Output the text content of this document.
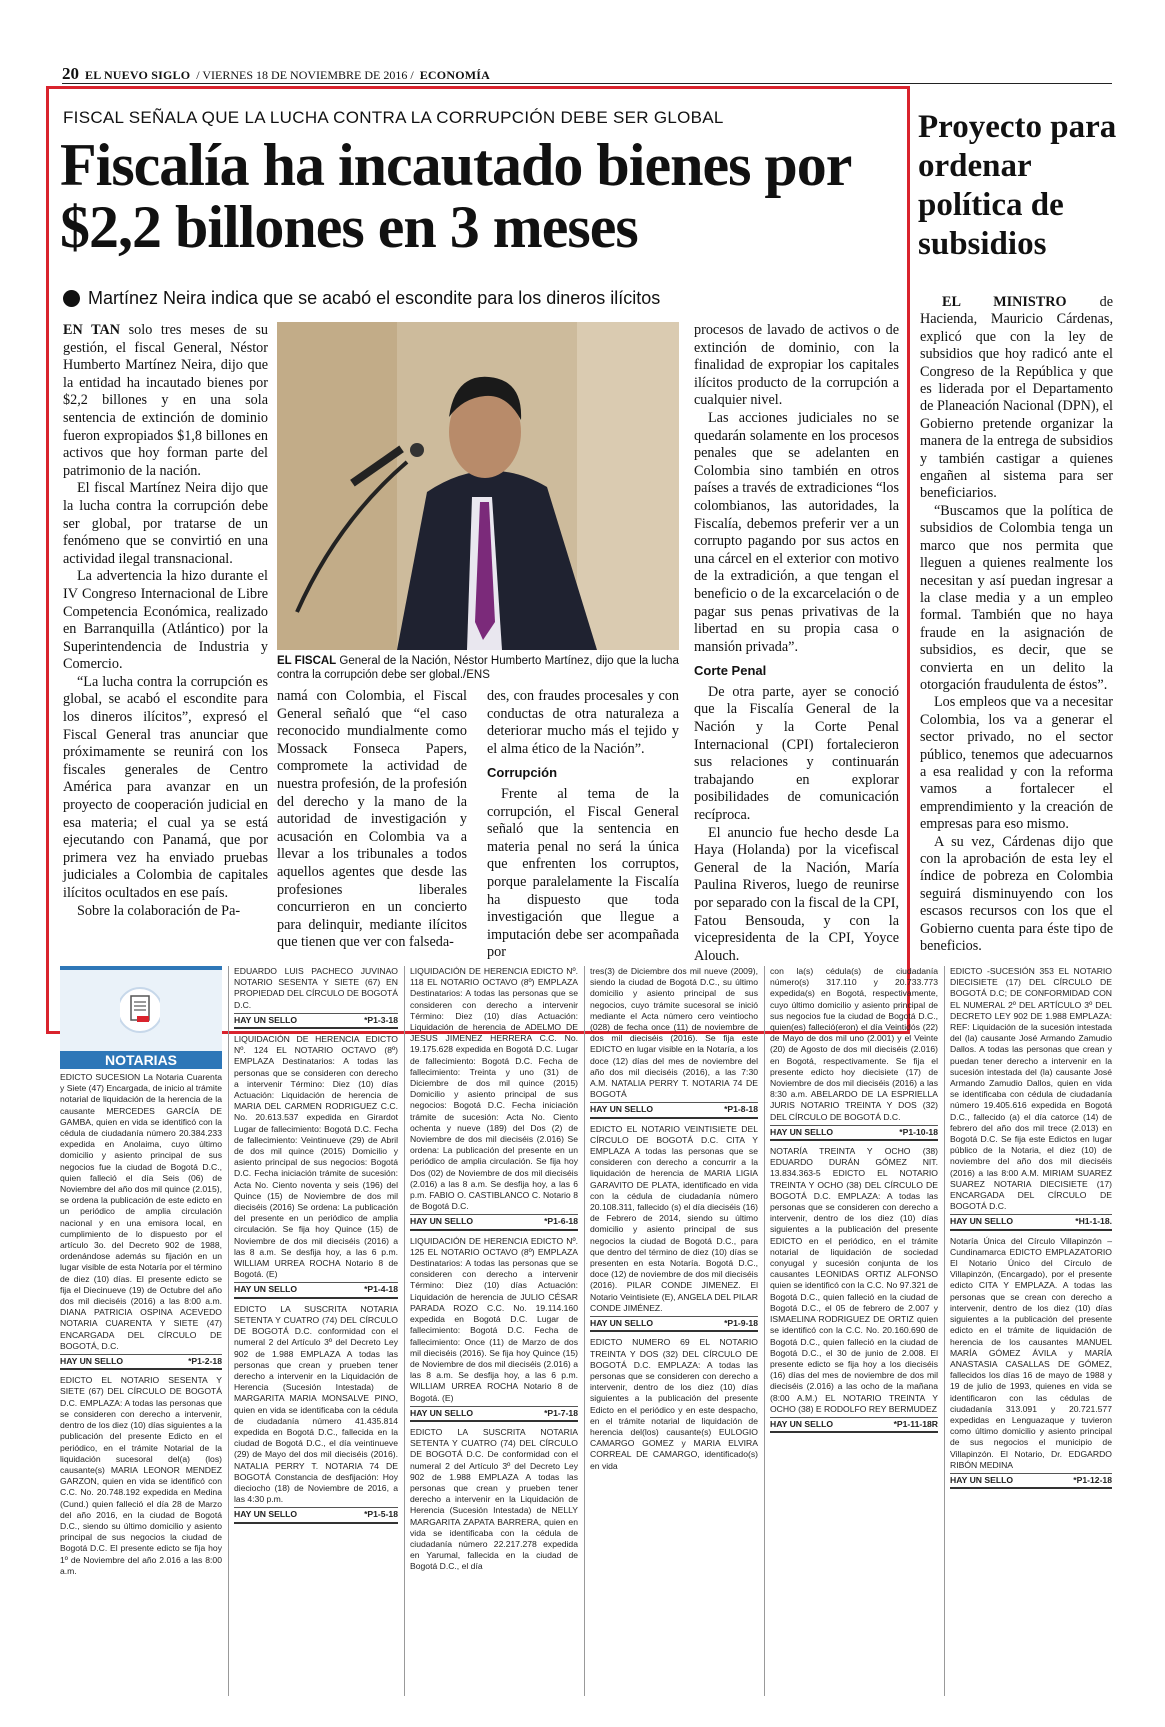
20 EL NUEVO SIGLO / VIERNES 18 DE NOVIEMBRE DE 2016 / ECONOMÍA
FISCAL SEÑALA QUE LA LUCHA CONTRA LA CORRUPCIÓN DEBE SER GLOBAL
Fiscalía ha incautado bienes por $2,2 billones en 3 meses
Martínez Neira indica que se acabó el escondite para los dineros ilícitos

EN TAN solo tres meses de su gestión, el fiscal General, Néstor Humberto Martínez Neira, dijo que la entidad ha incautado bienes por $2,2 billones y en una sola sentencia de extinción de dominio fueron expropiados $1,8 billones en activos que hoy forman parte del patrimonio de la nación.

El fiscal Martínez Neira dijo que la lucha contra la corrupción debe ser global, por tratarse de un fenómeno que se convirtió en una actividad ilegal transnacional.

La advertencia la hizo durante el IV Congreso Internacional de Libre Competencia Económica, realizado en Barranquilla (Atlántico) por la Superintendencia de Industria y Comercio.

“La lucha contra la corrupción es global, se acabó el escondite para los dineros ilícitos”, expresó el Fiscal General tras anunciar que próximamente se reunirá con los fiscales generales de Centro América para avanzar en un proyecto de cooperación judicial en esa materia; el cual ya se está ejecutando con Panamá, que por primera vez ha enviado pruebas judiciales a Colombia de capitales ilícitos ocultados en ese país.

Sobre la colaboración de Pa-

EL FISCAL General de la Nación, Néstor Humberto Martínez, dijo que la lucha contra la corrupción debe ser global./ENS

namá con Colombia, el Fiscal General señaló que “el caso reconocido mundialmente como Mossack Fonseca Papers, compromete la actividad de nuestra profesión, de la profesión del derecho y la mano de la autoridad de investigación y acusación en Colombia va a llevar a los tribunales a todos aquellos agentes que desde las profesiones liberales concurrieron en un concierto para delinquir, mediante ilícitos que tienen que ver con falseda-

des, con fraudes procesales y con conductas de otra naturaleza a deteriorar mucho más el tejido y el alma ético de la Nación”.

Corrupción

Frente al tema de la corrupción, el Fiscal General señaló que la sentencia en materia penal no será la única que enfrenten los corruptos, porque paralelamente la Fiscalía ha dispuesto que toda investigación que llegue a imputación debe ser acompañada por

procesos de lavado de activos o de extinción de dominio, con la finalidad de expropiar los capitales ilícitos producto de la corrupción a cualquier nivel.

Las acciones judiciales no se quedarán solamente en los procesos penales que se adelanten en Colombia sino también en otros países a través de extradiciones “los colombianos, las autoridades, la Fiscalía, debemos preferir ver a un corrupto pagando por sus actos en una cárcel en el exterior con motivo de la extradición, a que tengan el beneficio o de la excarcelación o de pagar sus penas privativas de la libertad en su propia casa o mansión privada”.

Corte Penal

De otra parte, ayer se conoció que la Fiscalía General de la Nación y la Corte Penal Internacional (CPI) fortalecieron sus relaciones y continuarán trabajando en explorar posibilidades de comunicación recíproca.

El anuncio fue hecho desde La Haya (Holanda) por la vicefiscal General de la Nación, María Paulina Riveros, luego de reunirse por separado con la fiscal de la CPI, Fatou Bensouda, y con la vicepresidenta de la CPI, Yoyce Alouch.

Proyecto para ordenar política de subsidios

EL MINISTRO de Hacienda, Mauricio Cárdenas, explicó que con la ley de subsidios que hoy radicó ante el Congreso de la República y que es liderada por el Departamento de Planeación Nacional (DPN), el Gobierno pretende organizar la manera de la entrega de subsidios y también castigar a quienes engañen al sistema para ser beneficiarios.

“Buscamos que la política de subsidios de Colombia tenga un marco que nos permita que lleguen a quienes realmente los necesitan y así puedan ingresar a la clase media y a un empleo formal. También que no haya fraude en la asignación de subsidios, es decir, que se convierta en un delito la otorgación fraudulenta de éstos”.

Los empleos que va a necesitar Colombia, los va a generar el sector privado, no el sector público, tenemos que adecuarnos a esa realidad y con la reforma vamos a fortalecer el emprendimiento y la creación de empresas para eso mismo.

A su vez, Cárdenas dijo que con la aprobación de esta ley el índice de pobreza en Colombia seguirá disminuyendo con los escasos recursos con los que el Gobierno cuenta para éste tipo de beneficios.

NOTARIAS
EDICTO SUCESION La Notaria Cuarenta y Siete (47) Encargada, de inicio al trámite notarial de liquidación de la herencia de la causante MERCEDES GARCÍA DE GAMBA, quien en vida se identificó con la cédula de ciudadanía número 20.384.233 expedida en Anolaima, cuyo último domicilio y asiento principal de sus negocios fue la ciudad de Bogotá D.C., quien falleció el día Seis (06) de Noviembre del año dos mil quince (2.015), se ordena la publicación de este edicto en un periódico de amplia circulación nacional y en una emisora local, en cumplimiento de lo dispuesto por el artículo 3o. del Decreto 902 de 1988, ordenándose además su fijación en un lugar visible de esta Notaría por el término de diez (10) días. El presente edicto se fija el Diecinueve (19) de Octubre del año dos mil dieciséis (2016) a las 8:00 a.m. DIANA PATRICIA OSPINA ACEVEDO NOTARIA CUARENTA Y SIETE (47) ENCARGADA DEL CÍRCULO DE BOGOTÁ, D.C.
HAY UN SELLO	*P1-2-18
EDICTO EL NOTARIO SESENTA Y SIETE (67) DEL CÍRCULO DE BOGOTÁ D.C. EMPLAZA: A todas las personas que se consideren con derecho a intervenir, dentro de los diez (10) días siguientes a la publicación del presente Edicto en el periódico, en el trámite Notarial de la liquidación sucesoral del(a) (los) causante(s) MARIA LEONOR MENDEZ GARZON, quien en vida se identificó con C.C. No. 20.748.192 expedida en Medina (Cund.) quien falleció el día 28 de Marzo del año 2016, en la ciudad de Bogotá D.C., siendo su último domicilio y asiento principal de sus negocios la ciudad de Bogotá D.C. El presente edicto se fija hoy 1º de Noviembre del año 2.016 a las 8:00 a.m.
EDUARDO LUIS PACHECO JUVINAO NOTARIO SESENTA Y SIETE (67) EN PROPIEDAD DEL CÍRCULO DE BOGOTÁ D.C.
HAY UN SELLO	*P1-3-18
LIQUIDACIÓN DE HERENCIA EDICTO Nº. 124 EL NOTARIO OCTAVO (8º) EMPLAZA Destinatarios: A todas las personas que se consideren con derecho a intervenir Término: Diez (10) días Actuación: Liquidación de herencia de MARIA DEL CARMEN RODRIGUEZ C.C. No. 20.613.537 expedida en Girardot Lugar de fallecimiento: Bogotá D.C. Fecha de fallecimiento: Veintinueve (29) de Abril de dos mil quince (2015) Domicilio y asiento principal de sus negocios: Bogotá D.C. Fecha iniciación trámite de sucesión: Acta No. Ciento noventa y seis (196) del Quince (15) de Noviembre de dos mil dieciséis (2016) Se ordena: La publicación del presente en un periódico de amplia circulación. Se fija hoy Quince (15) de Noviembre de dos mil dieciséis (2016) a las 8 a.m. Se desfija hoy, a las 6 p.m. WILLIAM URREA ROCHA Notario 8 de Bogotá. (E)
HAY UN SELLO	*P1-4-18
EDICTO LA SUSCRITA NOTARIA SETENTA Y CUATRO (74) DEL CÍRCULO DE BOGOTÁ D.C. conformidad con el numeral 2 del Artículo 3º del Decreto Ley 902 de 1.988 EMPLAZA A todas las personas que crean y prueben tener derecho a intervenir en la Liquidación de Herencia (Sucesión Intestada) de MARGARITA MARIA MONSALVE PINO, quien en vida se identificaba con la cédula de ciudadanía número 41.435.814 expedida en Bogotá D.C., fallecida en la ciudad de Bogotá D.C., el día veintinueve (29) de Mayo del dos mil dieciséis (2016). NATALIA PERRY T. NOTARIA 74 DE BOGOTÁ Constancia de desfijación: Hoy dieciocho (18) de Noviembre de 2016, a las 4:30 p.m.
HAY UN SELLO	*P1-5-18
LIQUIDACIÓN DE HERENCIA EDICTO Nº. 118 EL NOTARIO OCTAVO (8º) EMPLAZA Destinatarios: A todas las personas que se consideren con derecho a intervenir Término: Diez (10) días Actuación: Liquidación de herencia de ADELMO DE JESUS JIMENEZ HERRERA C.C. No. 19.175.628 expedida en Bogotá D.C. Lugar de fallecimiento: Bogotá D.C. Fecha de fallecimiento: Treinta y uno (31) de Diciembre de dos mil quince (2015) Domicilio y asiento principal de sus negocios: Bogotá D.C. Fecha iniciación trámite de sucesión: Acta No. Ciento ochenta y nueve (189) del Dos (2) de Noviembre de dos mil dieciséis (2.016) Se ordena: La publicación del presente en un periódico de amplia circulación. Se fija hoy Dos (02) de Noviembre de dos mil dieciséis (2.016) a las 8 a.m. Se desfija hoy, a las 6 p.m. FABIO O. CASTIBLANCO C. Notario 8 de Bogotá D.C.
HAY UN SELLO	*P1-6-18
LIQUIDACIÓN DE HERENCIA EDICTO Nº. 125 EL NOTARIO OCTAVO (8º) EMPLAZA Destinatarios: A todas las personas que se consideren con derecho a intervenir Término: Diez (10) días Actuación: Liquidación de herencia de JULIO CÉSAR PARADA ROZO C.C. No. 19.114.160 expedida en Bogotá D.C. Lugar de fallecimiento: Bogotá D.C. Fecha de fallecimiento: Once (11) de Marzo de dos mil dieciséis (2016). Se fija hoy Quince (15) de Noviembre de dos mil dieciséis (2.016) a las 8 a.m. Se desfija hoy, a las 6 p.m. WILLIAM URREA ROCHA Notario 8 de Bogotá. (E)
HAY UN SELLO	*P1-7-18
EDICTO LA SUSCRITA NOTARIA SETENTA Y CUATRO (74) DEL CÍRCULO DE BOGOTÁ D.C. De conformidad con el numeral 2 del Artículo 3º del Decreto Ley 902 de 1.988 EMPLAZA A todas las personas que crean y prueben tener derecho a intervenir en la Liquidación de Herencia (Sucesión Intestada) de NELLY MARGARITA ZAPATA BARRERA, quien en vida se identificaba con la cédula de ciudadanía número 22.217.278 expedida en Yarumal, fallecida en la ciudad de Bogotá D.C., el día
tres(3) de Diciembre dos mil nueve (2009), siendo la ciudad de Bogotá D.C., su último domicilio y asiento principal de sus negocios, cuyo trámite sucesoral se inició mediante el Acta número cero veintiocho (028) de fecha once (11) de noviembre de dos mil dieciséis (2016). Se fija este EDICTO en lugar visible en la Notaría, a los doce (12) días del mes de noviembre del año dos mil dieciséis (2016), a las 7:30 A.M. NATALIA PERRY T. NOTARIA 74 DE BOGOTÁ
HAY UN SELLO	*P1-8-18
EDICTO EL NOTARIO VEINTISIETE DEL CÍRCULO DE BOGOTÁ D.C. CITA Y EMPLAZA A todas las personas que se consideren con derecho a concurrir a la liquidación de herencia de MARIA LIGIA GARAVITO DE PLATA, identificado en vida con la cédula de ciudadanía número 20.108.311, fallecido (s) el día dieciséis (16) de Febrero de 2014, siendo su último domicilio y asiento principal de sus negocios la ciudad de Bogotá D.C., para que dentro del término de diez (10) días se presenten en esta Notaría. Bogotá D.C., doce (12) de noviembre de dos mil dieciséis (2016). PILAR CONDE JIMENEZ. El Notario Veintisiete (E), ANGELA DEL PILAR CONDE JIMÉNEZ.
HAY UN SELLO	*P1-9-18
EDICTO NUMERO 69 EL NOTARIO TREINTA Y DOS (32) DEL CÍRCULO DE BOGOTÁ D.C. EMPLAZA: A todas las personas que se consideren con derecho a intervenir, dentro de los diez (10) días siguientes a la publicación del presente Edicto en el periódico y en este despacho, en el trámite notarial de liquidación de herencia del(los) causante(s) EULOGIO CAMARGO GOMEZ y MARIA ELVIRA CORREAL DE CAMARGO, identificado(s) en vida
con la(s) cédula(s) de ciudadanía número(s) 317.110 y 20.733.773 expedida(s) en Bogotá, respectivamente, cuyo último domicilio y asiento principal de sus negocios fue la ciudad de Bogotá D.C., quien(es) falleció(eron) el día Veintidós (22) de Mayo de dos mil uno (2.001) y el Veinte (20) de Agosto de dos mil dieciséis (2.016) en Bogotá, respectivamente. Se fija el presente edicto hoy diecisiete (17) de Noviembre de dos mil dieciséis (2016) a las 8:30 a.m. ABELARDO DE LA ESPRIELLA JURIS NOTARIO TREINTA Y DOS (32) DEL CÍRCULO DE BOGOTÁ D.C.
HAY UN SELLO	*P1-10-18
NOTARÍA TREINTA Y OCHO (38) EDUARDO DURÁN GÓMEZ NIT. 13.834.363-5 EDICTO EL NOTARIO TREINTA Y OCHO (38) DEL CÍRCULO DE BOGOTÁ D.C. EMPLAZA: A todas las personas que se consideren con derecho a intervenir, dentro de los diez (10) días siguientes a la publicación del presente EDICTO en el periódico, en el trámite notarial de liquidación de sociedad conyugal y sucesión conjunta de los causantes LEONIDAS ORTIZ ALFONSO quien se identificó con la C.C. No 97.321 de Bogotá D.C., quien falleció en la ciudad de Bogotá D.C., el 05 de febrero de 2.007 y ISMAELINA RODRIGUEZ DE ORTIZ quien se identificó con la C.C. No. 20.160.690 de Bogotá D.C., quien falleció en la ciudad de Bogotá D.C., el 30 de junio de 2.008. El presente edicto se fija hoy a los dieciséis (16) días del mes de noviembre de dos mil dieciséis (2.016) a las ocho de la mañana (8:00 A.M.) EL NOTARIO TREINTA Y OCHO (38) E RODOLFO REY BERMUDEZ
HAY UN SELLO	*P1-11-18R
EDICTO -SUCESIÓN 353 EL NOTARIO DIECISIETE (17) DEL CÍRCULO DE BOGOTÁ D.C; DE CONFORMIDAD CON EL NUMERAL 2º DEL ARTÍCULO 3º DEL DECRETO LEY 902 DE 1.988 EMPLAZA: REF: Liquidación de la sucesión intestada del (la) causante José Armando Zamudio Dallos. A todas las personas que crean y puedan tener derecho a intervenir en la sucesión intestada del (la) causante José Armando Zamudio Dallos, quien en vida se identificaba con cédula de ciudadanía número 19.405.616 expedida en Bogotá D.C., fallecido (a) el día catorce (14) de febrero del año dos mil trece (2.013) en Bogotá D.C. Se fija este Edictos en lugar público de la Notaria, el diez (10) de noviembre del año dos mil dieciséis (2016) a las 8:00 A.M. MIRIAM SUAREZ SUAREZ NOTARIA DIECISIETE (17) ENCARGADA DEL CÍRCULO DE BOGOTÁ D.C.
HAY UN SELLO	*H1-1-18.
Notaría Única del Círculo Villapinzón – Cundinamarca EDICTO EMPLAZATORIO El Notario Único del Círculo de Villapinzón, (Encargado), por el presente edicto CITA Y EMPLAZA. A todas las personas que se crean con derecho a intervenir, dentro de los diez (10) días siguientes a la publicación del presente edicto en el trámite de liquidación de herencia de los causantes MANUEL MARÍA GÓMEZ ÁVILA y MARÍA ANASTASIA CASALLAS DE GÓMEZ, fallecidos los días 16 de mayo de 1988 y 19 de julio de 1993, quienes en vida se identificaron con las cédulas de ciudadanía 313.091 y 20.721.577 expedidas en Lenguazaque y tuvieron como último domicilio y asiento principal de sus negocios el municipio de Villapinzón. El Notario, Dr. EDGARDO RIBÓN MEDINA
HAY UN SELLO	*P1-12-18
